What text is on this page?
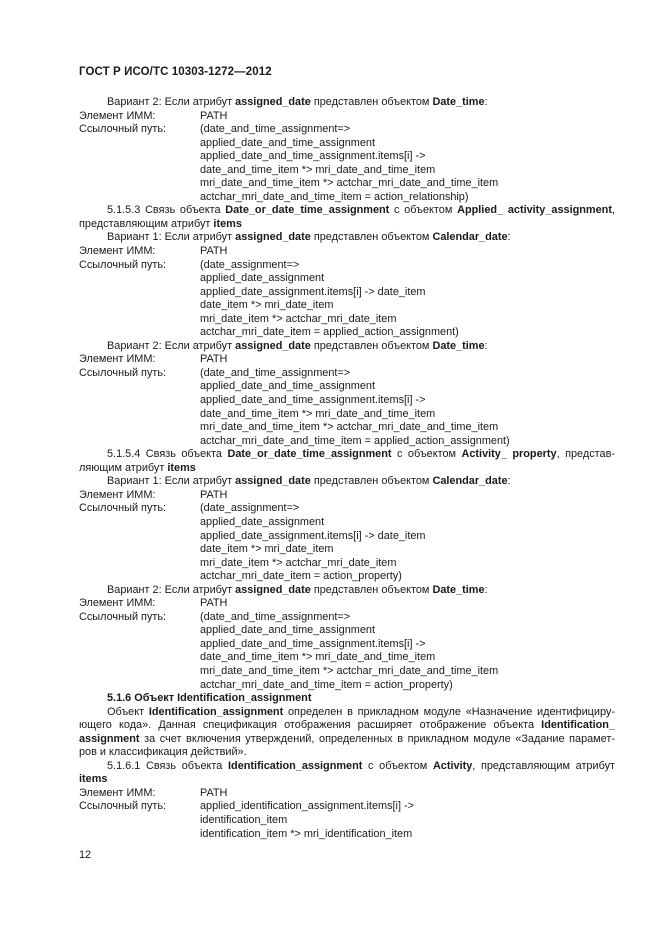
ГОСТ Р ИСО/ТС 10303-1272—2012
Вариант 2: Если атрибут assigned_date представлен объектом Date_time:
Элемент ИММ:	PATH
Ссылочный путь:	(date_and_time_assignment=>
applied_date_and_time_assignment
applied_date_and_time_assignment.items[i] ->
date_and_time_item *> mri_date_and_time_item
mri_date_and_time_item *> actchar_mri_date_and_time_item
actchar_mri_date_and_time_item = action_relationship)
5.1.5.3 Связь объекта Date_or_date_time_assignment с объектом Applied_ activity_assignment,
представляющим атрибут items
Вариант 1: Если атрибут assigned_date представлен объектом Calendar_date:
Элемент ИММ:	PATH
Ссылочный путь:	(date_assignment=>
applied_date_assignment
applied_date_assignment.items[i] -> date_item
date_item *> mri_date_item
mri_date_item *> actchar_mri_date_item
actchar_mri_date_item = applied_action_assignment)
Вариант 2: Если атрибут assigned_date представлен объектом Date_time:
Элемент ИММ:	PATH
Ссылочный путь:	(date_and_time_assignment=>
applied_date_and_time_assignment
applied_date_and_time_assignment.items[i] ->
date_and_time_item *> mri_date_and_time_item
mri_date_and_time_item *> actchar_mri_date_and_time_item
actchar_mri_date_and_time_item = applied_action_assignment)
5.1.5.4 Связь объекта Date_or_date_time_assignment с объектом Activity_ property, представ-
ляющим атрибут items
Вариант 1: Если атрибут assigned_date представлен объектом Calendar_date:
Элемент ИММ:	PATH
Ссылочный путь:	(date_assignment=>
applied_date_assignment
applied_date_assignment.items[i] -> date_item
date_item *> mri_date_item
mri_date_item *> actchar_mri_date_item
actchar_mri_date_item = action_property)
Вариант 2: Если атрибут assigned_date представлен объектом Date_time:
Элемент ИММ:	PATH
Ссылочный путь:	(date_and_time_assignment=>
applied_date_and_time_assignment
applied_date_and_time_assignment.items[i] ->
date_and_time_item *> mri_date_and_time_item
mri_date_and_time_item *> actchar_mri_date_and_time_item
actchar_mri_date_and_time_item = action_property)
5.1.6 Объект Identification_assignment
Объект Identification_assignment определен в прикладном модуле «Назначение идентифициру-
ющего кода». Данная спецификация отображения расширяет отображение объекта Identification_
assignment за счет включения утверждений, определенных в прикладном модуле «Задание парамет-
ров и классификация действий».
5.1.6.1 Связь объекта Identification_assignment с объектом Activity, представляющим атрибут
items
Элемент ИММ:	PATH
Ссылочный путь:	applied_identification_assignment.items[i] ->
identification_item
identification_item *> mri_identification_item
12
